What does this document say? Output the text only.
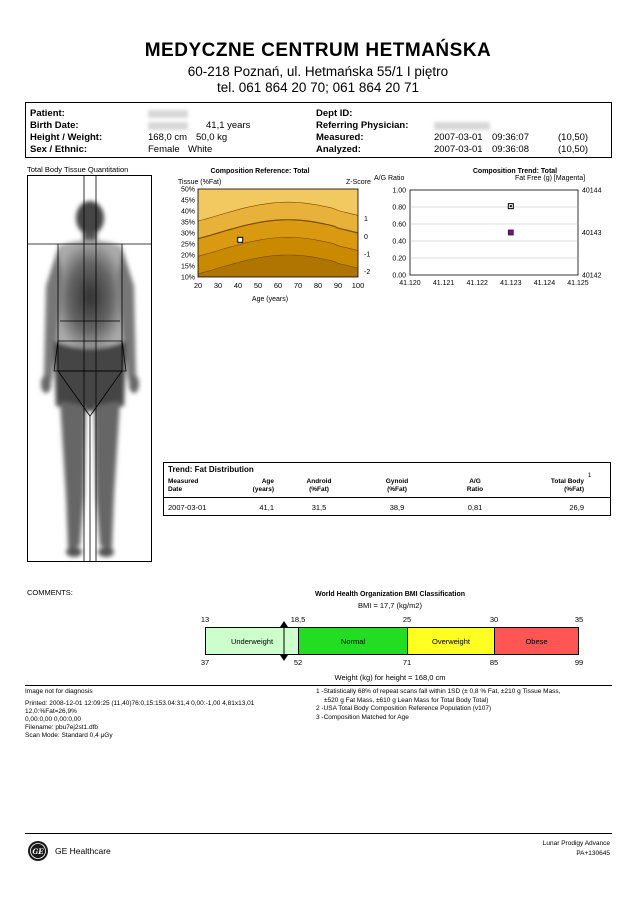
MEDYCZNE CENTRUM HETMAŃSKA
60-218 Poznań, ul. Hetmańska 55/1 I piętro
tel. 061 864 20 70; 061 864 20 71
Patient:
Birth Date:	41,1 years
Height / Weight:	168,0 cm 50,0 kg
Sex / Ethnic:	Female White
Dept ID:
Referring Physician:
Measured:	2007-03-01 09:36:07	(10,50)
Analyzed:	2007-03-01 09:36:08	(10,50)
Total Body Tissue Quantitation	Composition Reference: Total
Tissue (%Fat)	Z-Score
Age (years)
10%
15%
20%
25%
30%
35%
40%
45%
50%
20 30 40 50 60 70 80 90 100
1
0
-1
-2
Composition Trend: Total
A/G Ratio	Fat Free (g) [Magenta]
0.00
0.20
0.40
0.60
0.80
1.00
41.120 41.121 41.122 41.123 41.124 41.125
40144
40143
40142
Trend: Fat Distribution
1
Measured
Date
Age
(years)
Android
(%Fat)
Gynoid
(%Fat)
A/G
Ratio
Total Body
(%Fat)
2007-03-01	41,1	31,5	38,9	0,81	26,9
COMMENTS:	World Health Organization BMI Classification
BMI = 17,7 (kg/m2)
13	18,5	25	30	35
37	52	71	85	99
Underweight	Normal	Overweight	Obese
Weight (kg) for height = 168,0 cm
Image not for diagnosis
Printed: 2008-12-01 12:09:25 (11,40)76:0,15:153.04:31,4 0,00:-1,00 4,81x13,01
12,0:%Fat=26,9%
0,00:0,00 0,00:0,00
Filename: pbu7ej2st1.dfb
Scan Mode: Standard 0,4 μGy
1 -Statistically 68% of repeat scans fall within 1SD (± 0,8 % Fat, ±210 g Tissue Mass,
±520 g Fat Mass, ±610 g Lean Mass for Total Body Total)
2 -USA Total Body Composition Reference Population (v107)
3 -Composition Matched for Age
GE GE Healthcare
Lunar Prodigy Advance
PA+130645
